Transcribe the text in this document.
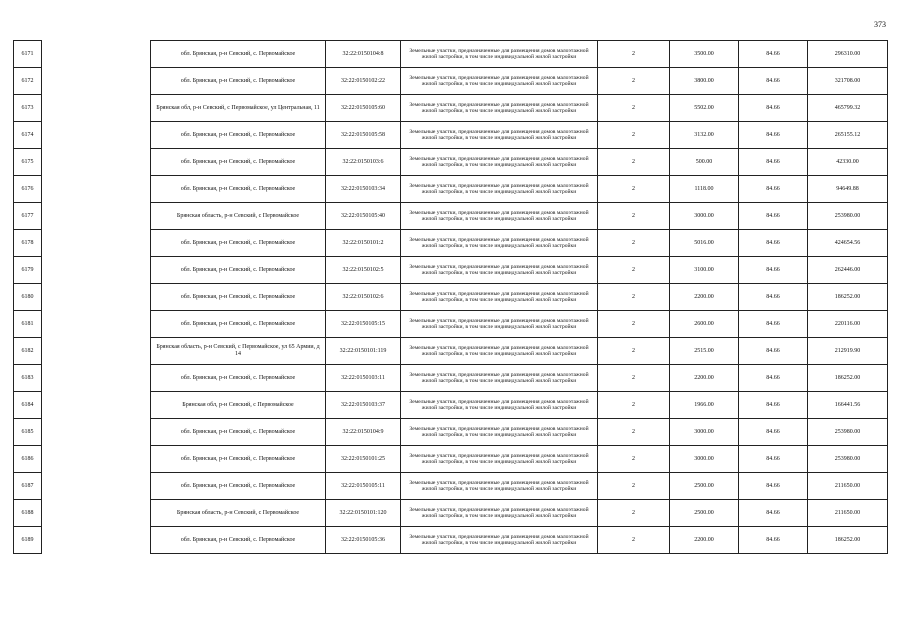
373
6171		обл. Брянская, р-н Севский, с. Первомайское	32:22:0150104:8	Земельные участки, предназначенные для размещения домов малоэтажной жилой застройки, в том числе индивидуальной жилой застройки	2	3500.00	84.66	296310.00
6172		обл. Брянская, р-н Севский, с. Первомайское	32:22:0150102:22	Земельные участки, предназначенные для размещения домов малоэтажной жилой застройки, в том числе индивидуальной жилой застройки	2	3800.00	84.66	321708.00
6173		Брянская обл, р-н Севский, с Первомайское, ул Центральная, 11	32:22:0150105:60	Земельные участки, предназначенные для размещения домов малоэтажной жилой застройки, в том числе индивидуальной жилой застройки	2	5502.00	84.66	465799.32
6174		обл. Брянская, р-н Севский, с. Первомайское	32:22:0150105:58	Земельные участки, предназначенные для размещения домов малоэтажной жилой застройки, в том числе индивидуальной жилой застройки	2	3132.00	84.66	265155.12
6175		обл. Брянская, р-н Севский, с. Первомайское	32:22:0150103:6	Земельные участки, предназначенные для размещения домов малоэтажной жилой застройки, в том числе индивидуальной жилой застройки	2	500.00	84.66	42330.00
6176		обл. Брянская, р-н Севский, с. Первомайское	32:22:0150103:34	Земельные участки, предназначенные для размещения домов малоэтажной жилой застройки, в том числе индивидуальной жилой застройки	2	1118.00	84.66	94649.88
6177		Брянская область, р-н Севский, с Первомайское	32:22:0150105:40	Земельные участки, предназначенные для размещения домов малоэтажной жилой застройки, в том числе индивидуальной жилой застройки	2	3000.00	84.66	253980.00
6178		обл. Брянская, р-н Севский, с. Первомайское	32:22:0150101:2	Земельные участки, предназначенные для размещения домов малоэтажной жилой застройки, в том числе индивидуальной жилой застройки	2	5016.00	84.66	424654.56
6179		обл. Брянская, р-н Севский, с. Первомайское	32:22:0150102:5	Земельные участки, предназначенные для размещения домов малоэтажной жилой застройки, в том числе индивидуальной жилой застройки	2	3100.00	84.66	262446.00
6180		обл. Брянская, р-н Севский, с. Первомайское	32:22:0150102:6	Земельные участки, предназначенные для размещения домов малоэтажной жилой застройки, в том числе индивидуальной жилой застройки	2	2200.00	84.66	186252.00
6181		обл. Брянская, р-н Севский, с. Первомайское	32:22:0150105:15	Земельные участки, предназначенные для размещения домов малоэтажной жилой застройки, в том числе индивидуальной жилой застройки	2	2600.00	84.66	220116.00
6182		Брянская область, р-н Севский, с Первомайское, ул 65 Армии, д 14	32:22:0150101:119	Земельные участки, предназначенные для размещения домов малоэтажной жилой застройки, в том числе индивидуальной жилой застройки	2	2515.00	84.66	212919.90
6183		обл. Брянская, р-н Севский, с. Первомайское	32:22:0150103:11	Земельные участки, предназначенные для размещения домов малоэтажной жилой застройки, в том числе индивидуальной жилой застройки	2	2200.00	84.66	186252.00
6184		Брянская обл, р-н Севский, с Первомайское	32:22:0150103:37	Земельные участки, предназначенные для размещения домов малоэтажной жилой застройки, в том числе индивидуальной жилой застройки	2	1966.00	84.66	166441.56
6185		обл. Брянская, р-н Севский, с. Первомайское	32:22:0150104:9	Земельные участки, предназначенные для размещения домов малоэтажной жилой застройки, в том числе индивидуальной жилой застройки	2	3000.00	84.66	253980.00
6186		обл. Брянская, р-н Севский, с. Первомайское	32:22:0150101:25	Земельные участки, предназначенные для размещения домов малоэтажной жилой застройки, в том числе индивидуальной жилой застройки	2	3000.00	84.66	253980.00
6187		обл. Брянская, р-н Севский, с. Первомайское	32:22:0150105:11	Земельные участки, предназначенные для размещения домов малоэтажной жилой застройки, в том числе индивидуальной жилой застройки	2	2500.00	84.66	211650.00
6188		Брянская область, р-н Севский, с Первомайское	32:22:0150101:120	Земельные участки, предназначенные для размещения домов малоэтажной жилой застройки, в том числе индивидуальной жилой застройки	2	2500.00	84.66	211650.00
6189		обл. Брянская, р-н Севский, с. Первомайское	32:22:0150105:36	Земельные участки, предназначенные для размещения домов малоэтажной жилой застройки, в том числе индивидуальной жилой застройки	2	2200.00	84.66	186252.00
